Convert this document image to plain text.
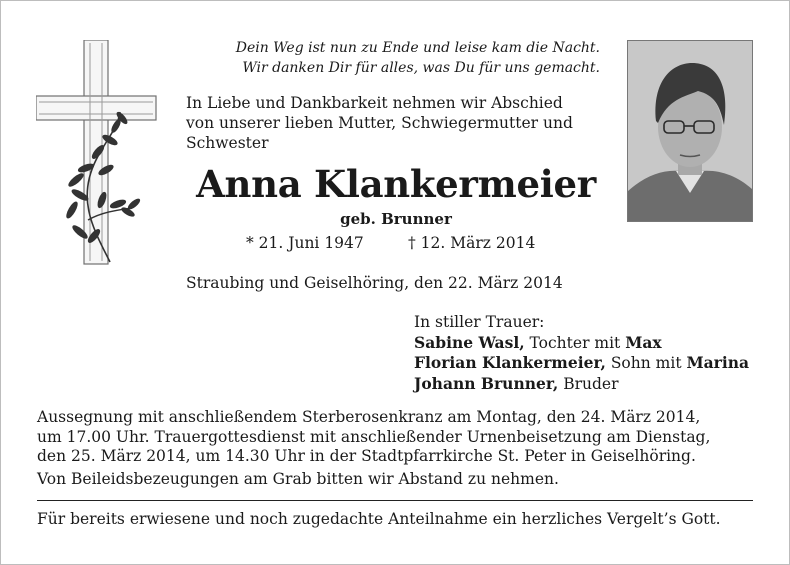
Dein Weg ist nun zu Ende und leise kam die Nacht.
Wir danken Dir für alles, was Du für uns gemacht.
In Liebe und Dankbarkeit nehmen wir Abschied
von unserer lieben Mutter, Schwiegermutter und
Schwester
Anna Klankermeier
geb. Brunner
* 21. Juni 1947	† 12. März 2014
Straubing und Geiselhöring, den 22. März 2014
In stiller Trauer:
Sabine Wasl, Tochter mit Max
Florian Klankermeier, Sohn mit Marina
Johann Brunner, Bruder
Aussegnung mit anschließendem Sterberosenkranz am Montag, den 24. März 2014,
um 17.00 Uhr. Trauergottesdienst mit anschließender Urnenbeisetzung am Dienstag,
den 25. März 2014, um 14.30 Uhr in der Stadtpfarrkirche St. Peter in Geiselhöring.
Von Beileidsbezeugungen am Grab bitten wir Abstand zu nehmen.
Für bereits erwiesene und noch zugedachte Anteilnahme ein herzliches Vergelt’s Gott.
